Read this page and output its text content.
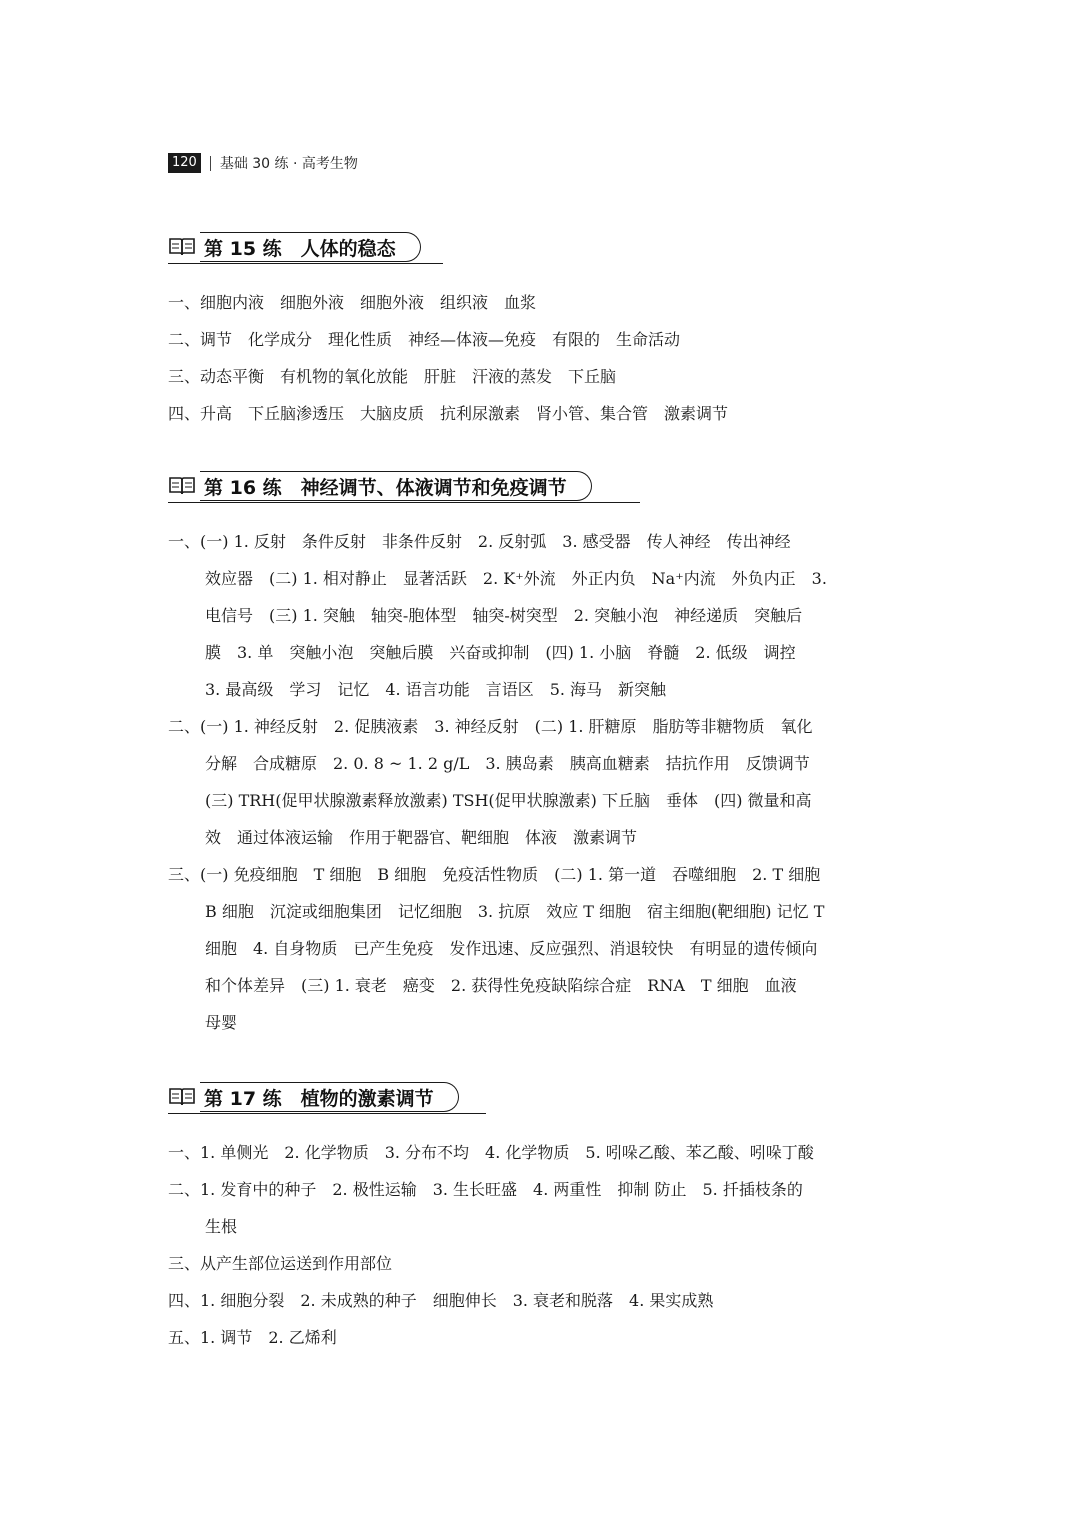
120 基础 30 练 · 高考生物
第 15 练　人体的稳态
一、细胞内液　细胞外液　细胞外液　组织液　血浆
二、调节　化学成分　理化性质　神经—体液—免疫　有限的　生命活动
三、动态平衡　有机物的氧化放能　肝脏　汗液的蒸发　下丘脑
四、升高　下丘脑渗透压　大脑皮质　抗利尿激素　肾小管、集合管　激素调节
第 16 练　神经调节、体液调节和免疫调节
一、(一) 1. 反射　条件反射　非条件反射　2. 反射弧　3. 感受器　传人神经　传出神经
效应器　(二) 1. 相对静止　显著活跃　2. K⁺外流　外正内负　Na⁺内流　外负内正　3.
电信号　(三) 1. 突触　轴突-胞体型　轴突-树突型　2. 突触小泡　神经递质　突触后
膜　3. 单　突触小泡　突触后膜　兴奋或抑制　(四) 1. 小脑　脊髓　2. 低级　调控
3. 最高级　学习　记忆　4. 语言功能　言语区　5. 海马　新突触
二、(一) 1. 神经反射　2. 促胰液素　3. 神经反射　(二) 1. 肝糖原　脂肪等非糖物质　氧化
分解　合成糖原　2. 0. 8 ~ 1. 2 g/L　3. 胰岛素　胰高血糖素　拮抗作用　反馈调节
(三) TRH(促甲状腺激素释放激素) TSH(促甲状腺激素) 下丘脑　垂体　(四) 微量和高
效　通过体液运输　作用于靶器官、靶细胞　体液　激素调节
三、(一) 免疫细胞　T 细胞　B 细胞　免疫活性物质　(二) 1. 第一道　吞噬细胞　2. T 细胞
B 细胞　沉淀或细胞集团　记忆细胞　3. 抗原　效应 T 细胞　宿主细胞(靶细胞) 记忆 T
细胞　4. 自身物质　已产生免疫　发作迅速、反应强烈、消退较快　有明显的遗传倾向
和个体差异　(三) 1. 衰老　癌变　2. 获得性免疫缺陷综合症　RNA　T 细胞　血液
母婴
第 17 练　植物的激素调节
一、1. 单侧光　2. 化学物质　3. 分布不均　4. 化学物质　5. 吲哚乙酸、苯乙酸、吲哚丁酸
二、1. 发育中的种子　2. 极性运输　3. 生长旺盛　4. 两重性　抑制 防止　5. 扦插枝条的
生根
三、从产生部位运送到作用部位
四、1. 细胞分裂　2. 未成熟的种子　细胞伸长　3. 衰老和脱落　4. 果实成熟
五、1. 调节　2. 乙烯利
